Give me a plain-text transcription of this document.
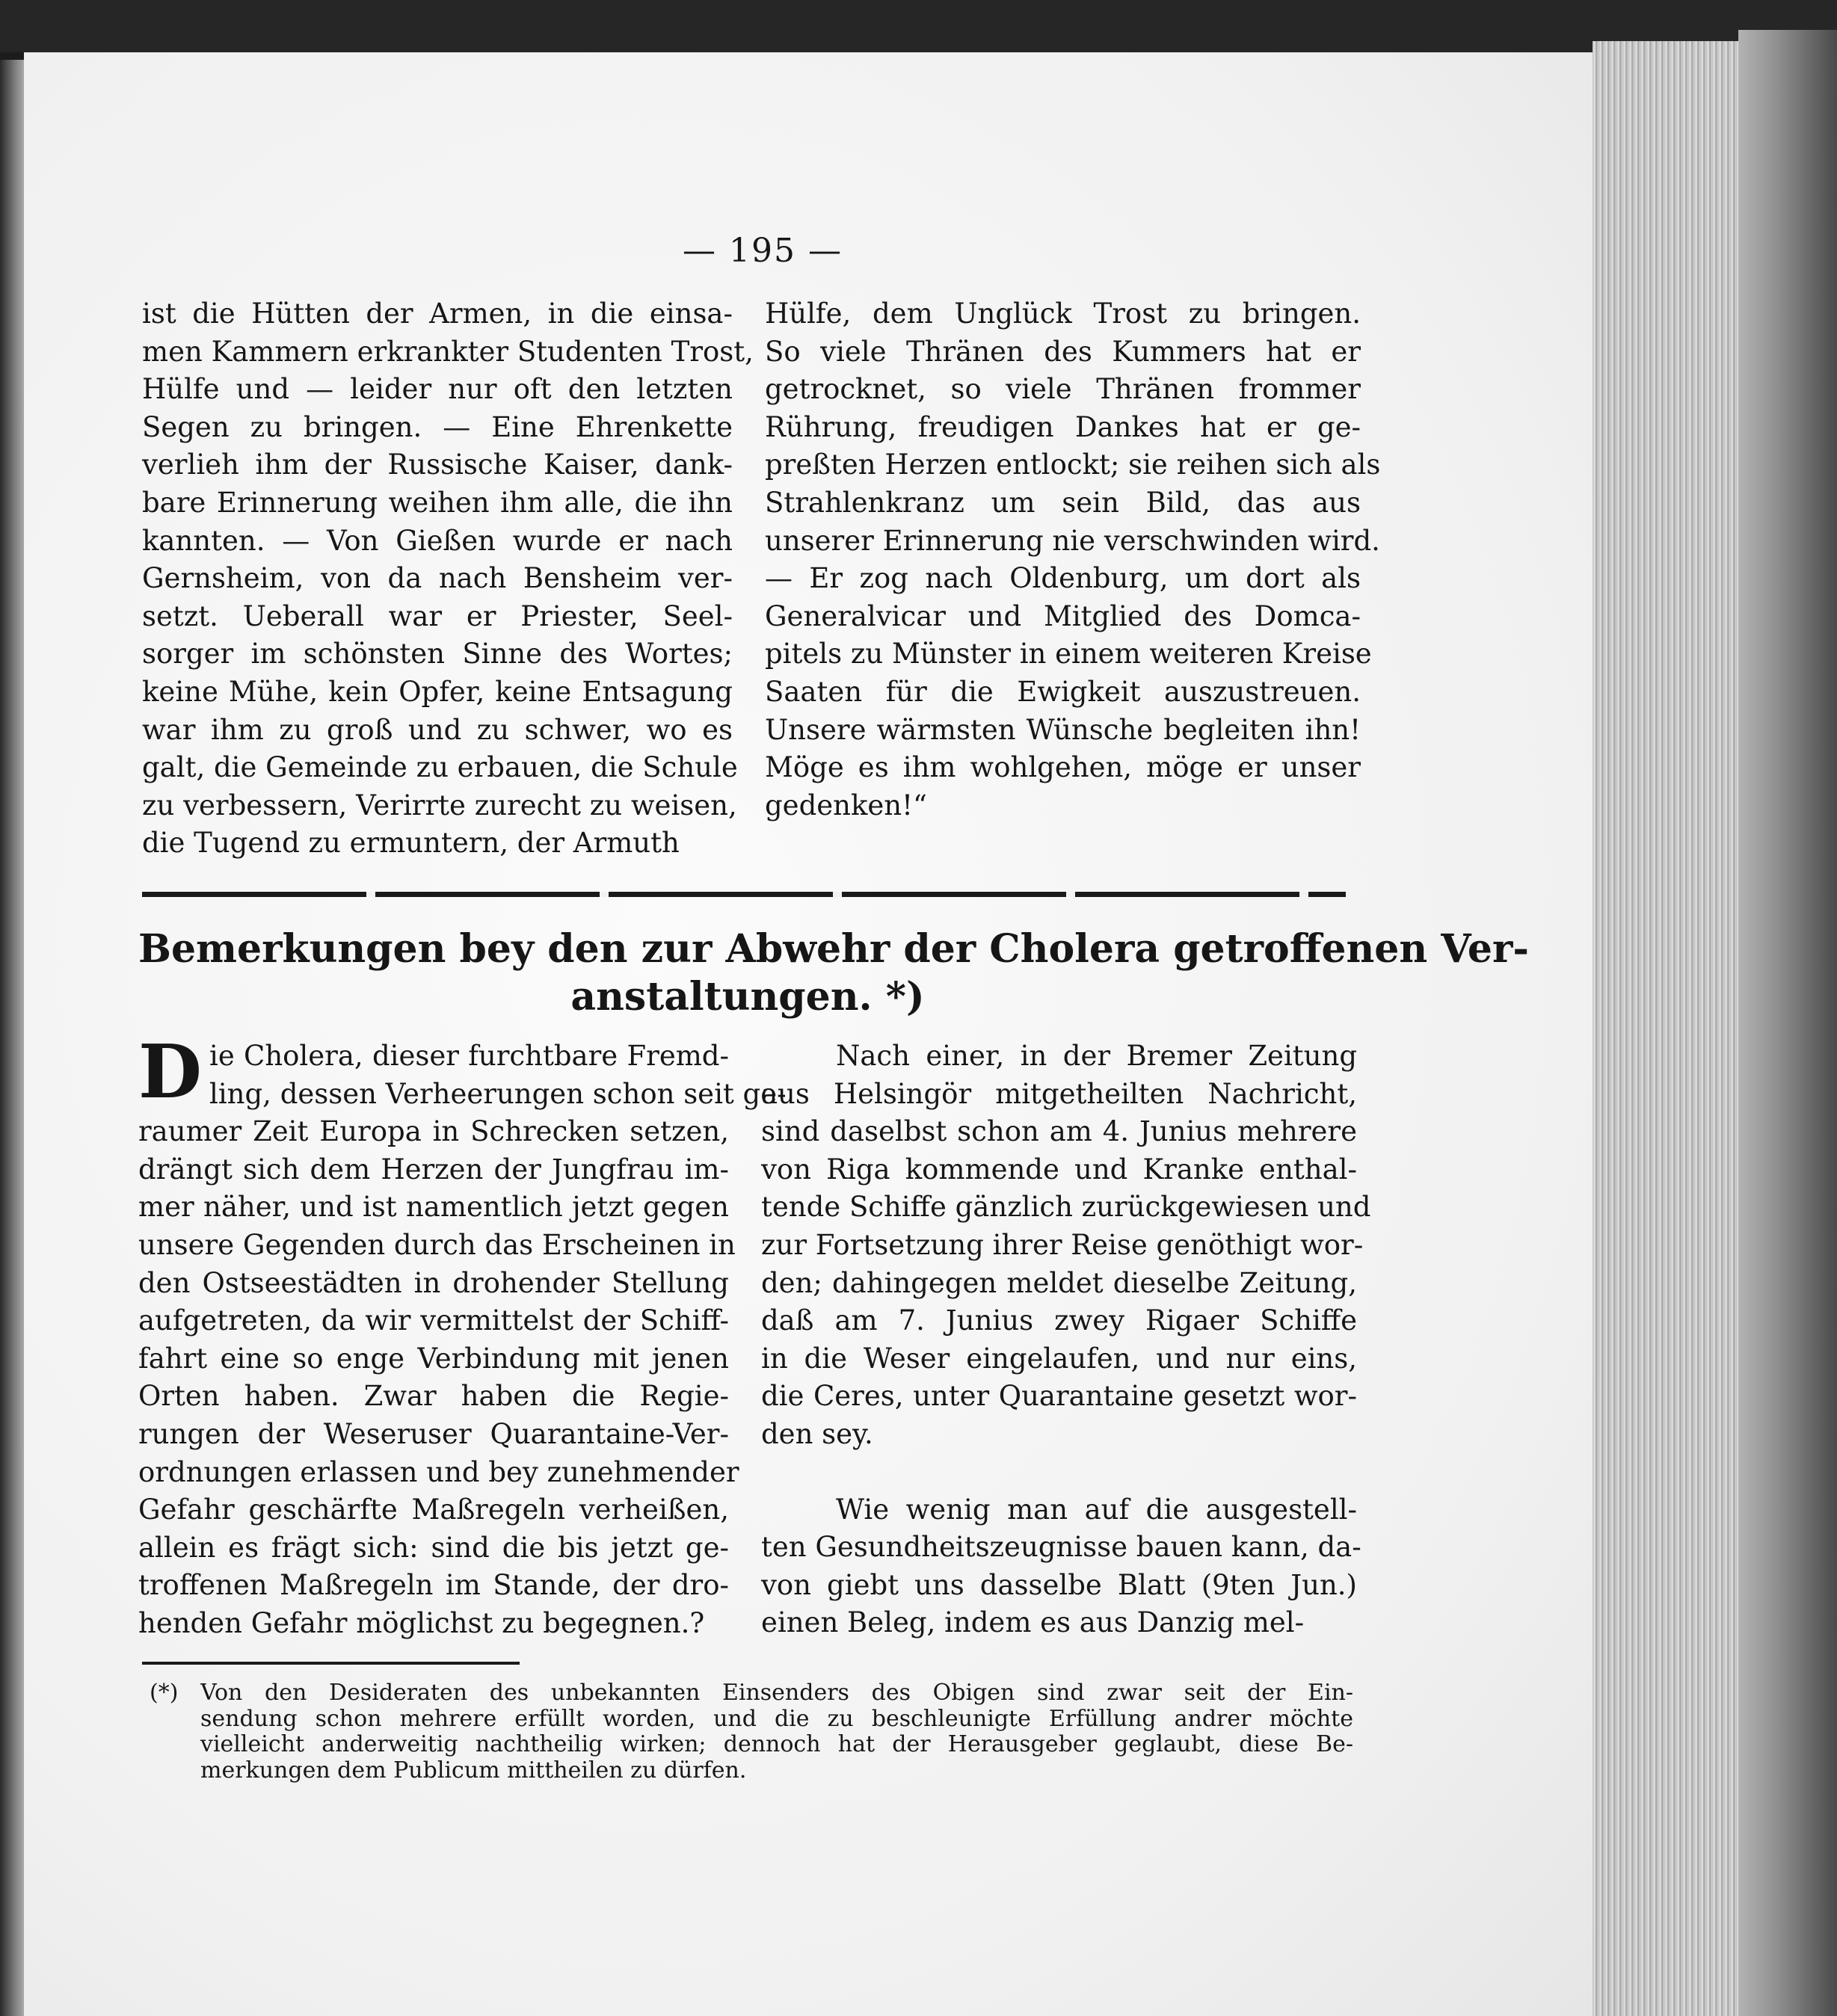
— 195 —

ist die Hütten der Armen, in die einsa-
men Kammern erkrankter Studenten Trost,
Hülfe und — leider nur oft den letzten
Segen zu bringen. — Eine Ehrenkette
verlieh ihm der Russische Kaiser, dank-
bare Erinnerung weihen ihm alle, die ihn
kannten. — Von Gießen wurde er nach
Gernsheim, von da nach Bensheim ver-
setzt. Ueberall war er Priester, Seel-
sorger im schönsten Sinne des Wortes;
keine Mühe, kein Opfer, keine Entsagung
war ihm zu groß und zu schwer, wo es
galt, die Gemeinde zu erbauen, die Schule
zu verbessern, Verirrte zurecht zu weisen,
die Tugend zu ermuntern, der Armuth

Hülfe, dem Unglück Trost zu bringen.
So viele Thränen des Kummers hat er
getrocknet, so viele Thränen frommer
Rührung, freudigen Dankes hat er ge-
preßten Herzen entlockt; sie reihen sich als
Strahlenkranz um sein Bild, das aus
unserer Erinnerung nie verschwinden wird.
— Er zog nach Oldenburg, um dort als
Generalvicar und Mitglied des Domca-
pitels zu Münster in einem weiteren Kreise
Saaten für die Ewigkeit auszustreuen.
Unsere wärmsten Wünsche begleiten ihn!
Möge es ihm wohlgehen, möge er unser
gedenken!“

Bemerkungen bey den zur Abwehr der Cholera getroffenen Ver-
anstaltungen. *)
D ie Cholera, dieser furchtbare Fremd-
ling, dessen Verheerungen schon seit ge-
raumer Zeit Europa in Schrecken setzen,
drängt sich dem Herzen der Jungfrau im-
mer näher, und ist namentlich jetzt gegen
unsere Gegenden durch das Erscheinen in
den Ostseestädten in drohender Stellung
aufgetreten, da wir vermittelst der Schiff-
fahrt eine so enge Verbindung mit jenen
Orten haben. Zwar haben die Regie-
rungen der Weseruser Quarantaine-Ver-
ordnungen erlassen und bey zunehmender
Gefahr geschärfte Maßregeln verheißen,
allein es frägt sich: sind die bis jetzt ge-
troffenen Maßregeln im Stande, der dro-
henden Gefahr möglichst zu begegnen.?

Nach einer, in der Bremer Zeitung
aus Helsingör mitgetheilten Nachricht,
sind daselbst schon am 4. Junius mehrere
von Riga kommende und Kranke enthal-
tende Schiffe gänzlich zurückgewiesen und
zur Fortsetzung ihrer Reise genöthigt wor-
den; dahingegen meldet dieselbe Zeitung,
daß am 7. Junius zwey Rigaer Schiffe
in die Weser eingelaufen, und nur eins,
die Ceres, unter Quarantaine gesetzt wor-
den sey.

Wie wenig man auf die ausgestell-
ten Gesundheitszeugnisse bauen kann, da-
von giebt uns dasselbe Blatt (9ten Jun.)
einen Beleg, indem es aus Danzig mel-

(*) Von den Desideraten des unbekannten Einsenders des Obigen sind zwar seit der Ein-
sendung schon mehrere erfüllt worden, und die zu beschleunigte Erfüllung andrer möchte
vielleicht anderweitig nachtheilig wirken; dennoch hat der Herausgeber geglaubt, diese Be-
merkungen dem Publicum mittheilen zu dürfen.
